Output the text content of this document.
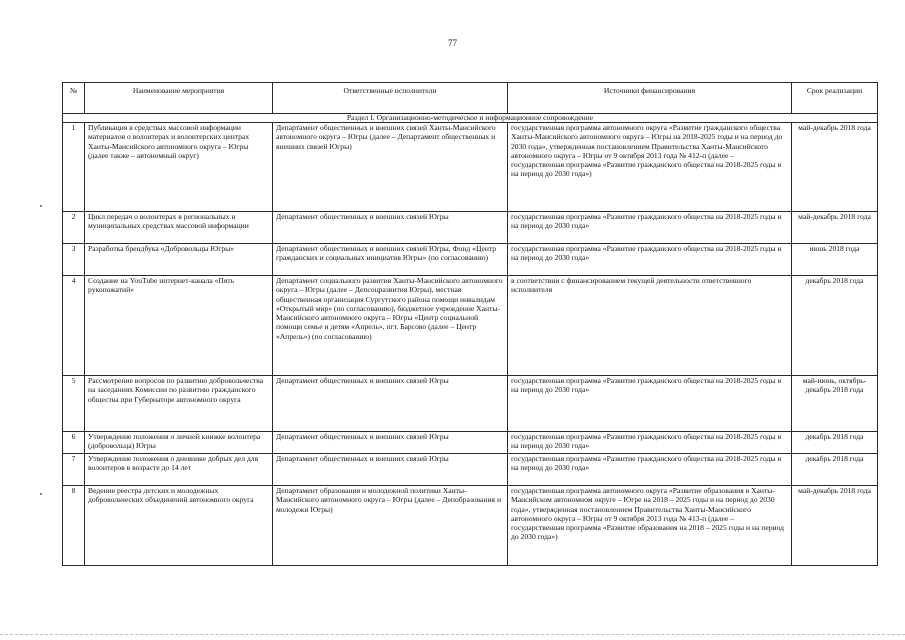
77
№	Наименование мероприятия	Ответственные исполнители	Источники финансирования	Срок реализации
Раздел I. Организационно-методическое и информационное сопровождение				
1	Публикация в средствах массовой информации материалов о волонтерах и волонтерских центрах Ханты-Мансийского автономного округа – Югры (далее также – автономный округ)	Департамент общественных и внешних связей Ханты-Мансийского автономного округа – Югры (далее – Департамент общественных и внешних связей Югры)	государственная программа автономного округа «Развитие гражданского общества Ханты-Мансийского автономного округа – Югры на 2018-2025 годы и на период до 2030 года», утвержденная постановлением Правительства Ханты-Мансийского автономного округа – Югры от 9 октября 2013 года № 412-п (далее – государственная программа «Развитие гражданского общества на 2018-2025 годы и на период до 2030 года»)	май-декабрь 2018 года
2	Цикл передач о волонтерах в региональных и муниципальных средствах массовой информации	Департамент общественных и внешних связей Югры	государственная программа «Развитие гражданского общества на 2018-2025 годы и на период до 2030 года»	май-декабрь 2018 года
3	Разработка брендбука «Добровольцы Югры»	Департамент общественных и внешних связей Югры, Фонд «Центр гражданских и социальных инициатив Югры» (по согласованию)	государственная программа «Развитие гражданского общества на 2018-2025 годы и на период до 2030 года»	июнь 2018 года
4	Создание на YouTube интернет-канала «Пять рукопожатий»	Департамент социального развития Ханты-Мансийского автономного округа – Югры (далее – Депсоцразвития Югры), местная общественная организация Сургутского района помощи инвалидам «Открытый мир» (по согласованию), бюджетное учреждение Ханты-Мансийского автономного округа – Югры «Центр социальной помощи семье и детям «Апрель», пгт. Барсово (далее – Центр «Апрель») (по согласованию)	в соответствии с финансированием текущей деятельности ответственного исполнителя	декабрь 2018 года
5	Рассмотрение вопросов по развитию добровольчества на заседаниях Комиссии по развитию гражданского общества при Губернаторе автономного округа	Департамент общественных и внешних связей Югры	государственная программа «Развитие гражданского общества на 2018-2025 годы и на период до 2030 года»	май-июнь, октябрь-декабрь 2018 года
6	Утверждение положения о личной книжке волонтера (добровольца) Югры	Департамент общественных и внешних связей Югры	государственная программа «Развитие гражданского общества на 2018-2025 годы и на период до 2030 года»	декабрь 2018 года
7	Утверждение положения о дневнике добрых дел для волонтеров в возрасте до 14 лет	Департамент общественных и внешних связей Югры	государственная программа «Развитие гражданского общества на 2018-2025 годы и на период до 2030 года»	декабрь 2018 года
8	Ведение реестра детских и молодежных добровольческих объединений автономного округа	Департамент образования и молодежной политики Ханты-Мансийского автономного округа – Югры (далее – Депобразования и молодежи Югры)	государственная программа автономного округа «Развитие образования в Ханты-Мансийском автономном округе – Югре на 2018 – 2025 годы и на период до 2030 года», утвержденная постановлением Правительства Ханты-Мансийского автономного округа – Югры от 9 октября 2013 года № 413-п (далее – государственная программа «Развитие образования на 2018 – 2025 годы и на период до 2030 года»)	май-декабрь 2018 года
